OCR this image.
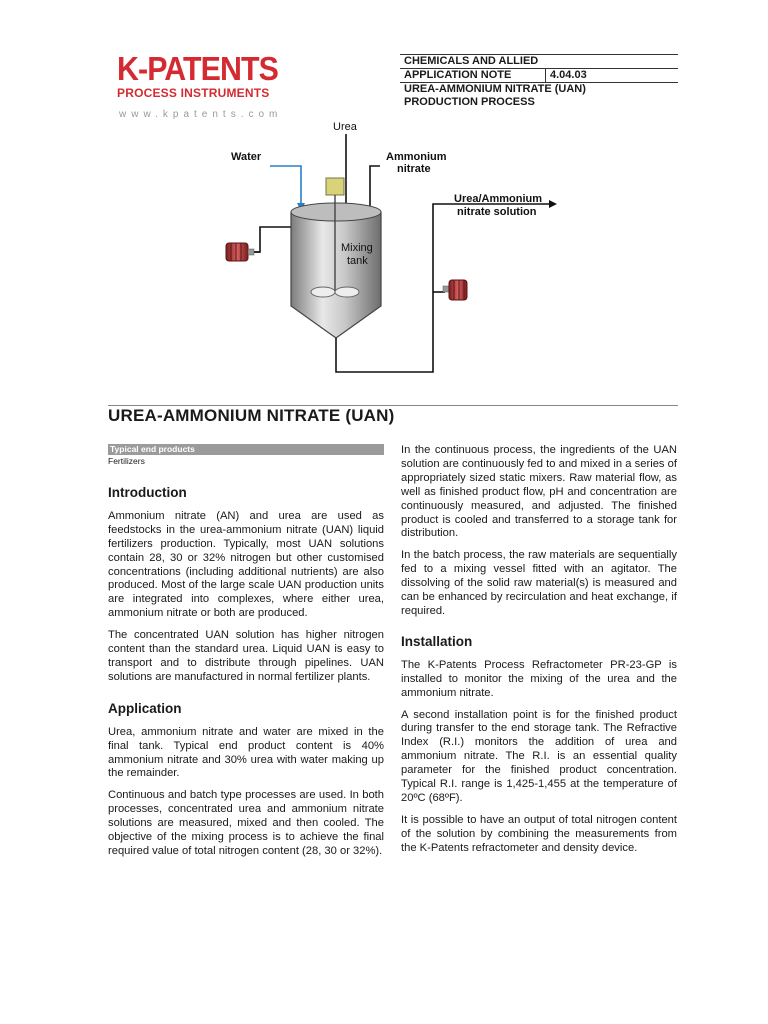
K-PATENTS
PROCESS INSTRUMENTS
www.kpatents.com
CHEMICALS AND ALLIED
APPLICATION NOTE	4.04.03
UREA-AMMONIUM NITRATE (UAN)
PRODUCTION PROCESS
Urea
Water	Ammonium
nitrate
Mixing
tank
Urea/Ammonium
nitrate solution
UREA-AMMONIUM NITRATE (UAN)
Typical end products
Fertilizers
Introduction

Ammonium nitrate (AN) and urea are used as feedstocks in the urea-ammonium nitrate (UAN) liquid fertilizers production. Typically, most UAN solutions contain 28, 30 or 32% nitrogen but other customised concentrations (including additional nutrients) are also produced. Most of the large scale UAN production units are integrated into complexes, where either urea, ammonium nitrate or both are produced.

The concentrated UAN solution has higher nitrogen content than the standard urea. Liquid UAN is easy to transport and to distribute through pipelines. UAN solutions are manufactured in normal fertilizer plants.

Application

Urea, ammonium nitrate and water are mixed in the final tank. Typical end product content is 40% ammonium nitrate and 30% urea with water making up the remainder.

Continuous and batch type processes are used. In both processes, concentrated urea and ammonium nitrate solutions are measured, mixed and then cooled. The objective of the mixing process is to achieve the final required value of total nitrogen content (28, 30 or 32%).

In the continuous process, the ingredients of the UAN solution are continuously fed to and mixed in a series of appropriately sized static mixers. Raw material flow, as well as finished product flow, pH and concentration are continuously measured, and adjusted. The finished product is cooled and transferred to a storage tank for distribution.

In the batch process, the raw materials are sequentially fed to a mixing vessel fitted with an agitator. The dissolving of the solid raw material(s) is measured and can be enhanced by recirculation and heat exchange, if required.

Installation

The K-Patents Process Refractometer PR-23-GP is installed to monitor the mixing of the urea and the ammonium nitrate.

A second installation point is for the finished product during transfer to the end storage tank. The Refractive Index (R.I.) monitors the addition of urea and ammonium nitrate. The R.I. is an essential quality parameter for the finished product concentration. Typical R.I. range is 1,425-1,455 at the temperature of 20ºC (68ºF).

It is possible to have an output of total nitrogen content of the solution by combining the measurements from the K-Patents refractometer and density device.
